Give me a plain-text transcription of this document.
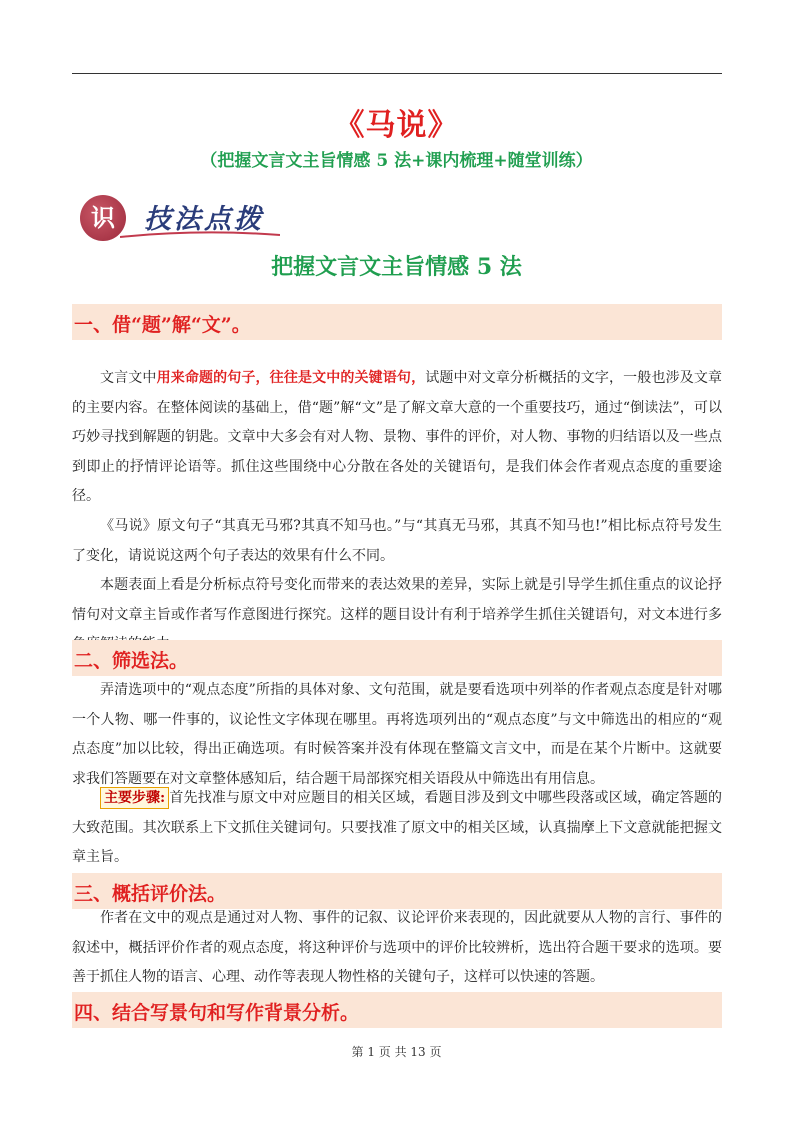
《马说》
（把握文言文主旨情感 5 法+课内梳理+随堂训练）
识	技法点拨
把握文言文主旨情感 5 法
一、借“题”解“文”。
文言文中用来命题的句子，往往是文中的关键语句，试题中对文章分析概括的文字，一般也涉及文章的主要内容。在整体阅读的基础上，借“题”解“文”是了解文章大意的一个重要技巧，通过“倒读法”，可以巧妙寻找到解题的钥匙。文章中大多会有对人物、景物、事件的评价，对人物、事物的归结语以及一些点到即止的抒情评论语等。抓住这些围绕中心分散在各处的关键语句，是我们体会作者观点态度的重要途径。
《马说》原文句子“其真无马邪?其真不知马也。”与“其真无马邪，其真不知马也!”相比标点符号发生了变化，请说说这两个句子表达的效果有什么不同。
本题表面上看是分析标点符号变化而带来的表达效果的差异，实际上就是引导学生抓住重点的议论抒情句对文章主旨或作者写作意图进行探究。这样的题目设计有利于培养学生抓住关键语句，对文本进行多
二、筛选法。
弄清选项中的“观点态度”所指的具体对象、文句范围，就是要看选项中列举的作者观点态度是针对哪一个人物、哪一件事的，议论性文字体现在哪里。再将选项列出的“观点态度”与文中筛选出的相应的“观点态度”加以比较，得出正确选项。有时候答案并没有体现在整篇文言文中，而是在某个片断中。这就要求我们答题要在对文章整体感知后，结合题干局部探究相关语段从中筛选出有用信息。
主要步骤: 首先找准与原文中对应题目的相关区域，看题目涉及到文中哪些段落或区域，确定答题的大致范围。其次联系上下文抓住关键词句。只要找准了原文中的相关区域，认真揣摩上下文意就能把握文章主旨。
三、概括评价法。
作者在文中的观点是通过对人物、事件的记叙、议论评价来表现的，因此就要从人物的言行、事件的叙述中，概括评价作者的观点态度，将这种评价与选项中的评价比较辨析，选出符合题干要求的选项。要善于抓住人物的语言、心理、动作等表现人物性格的关键句子，这样可以快速的答题。
四、结合写景句和写作背景分析。
第 1 页 共 13 页
